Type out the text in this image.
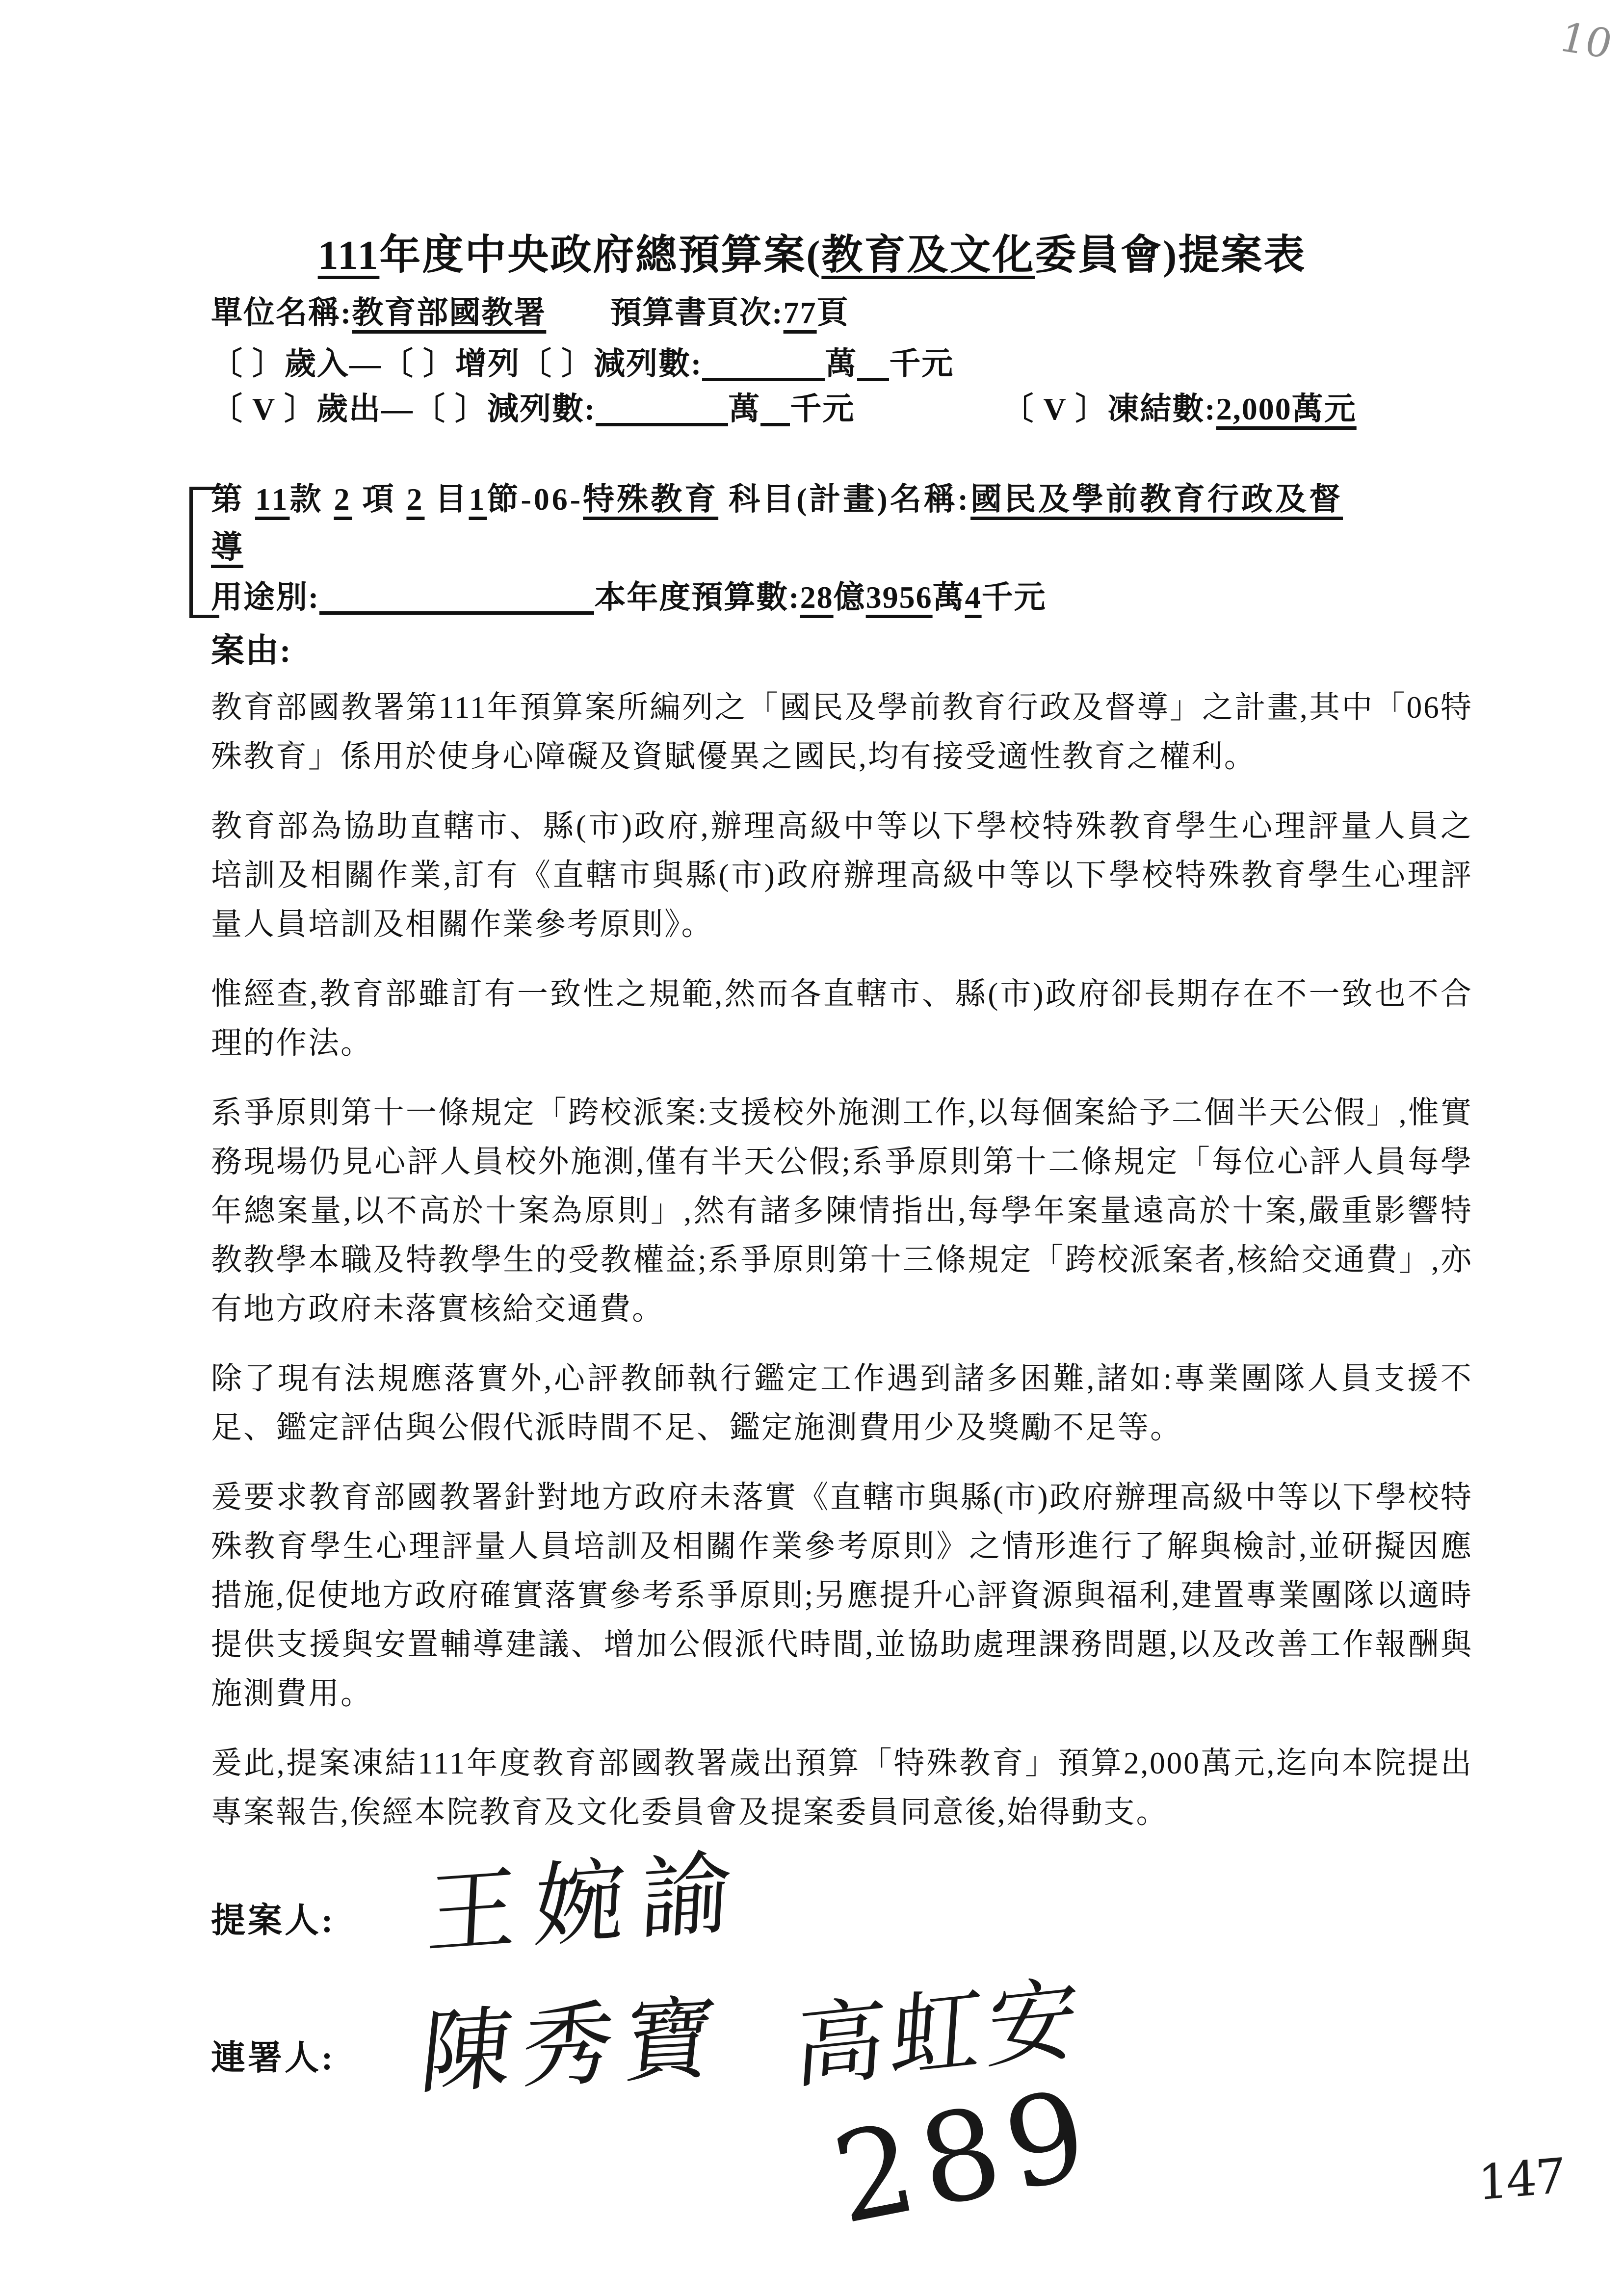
10
111年度中央政府總預算案(教育及文化委員會)提案表
單位名稱:教育部國教署 預算書頁次:77頁
〔 〕歲入—〔 〕增列〔 〕減列數:	萬 千元
〔 V 〕歲出—〔 〕減列數:	萬 千元	〔 V 〕凍結數:2,000萬元
第 11款 2 項 2 目1節-06-特殊教育 科目(計畫)名稱:國民及學前教育行政及督
導
用途別:	本年度預算數:28億3956萬4千元
案由:

教育部國教署第111年預算案所編列之「國民及學前教育行政及督導」之計畫,其中「06特殊教育」係用於使身心障礙及資賦優異之國民,均有接受適性教育之權利。

教育部為協助直轄市、縣(市)政府,辦理高級中等以下學校特殊教育學生心理評量人員之培訓及相關作業,訂有《直轄市與縣(市)政府辦理高級中等以下學校特殊教育學生心理評量人員培訓及相關作業參考原則》。

惟經查,教育部雖訂有一致性之規範,然而各直轄市、縣(市)政府卻長期存在不一致也不合理的作法。

系爭原則第十一條規定「跨校派案:支援校外施測工作,以每個案給予二個半天公假」,惟實務現場仍見心評人員校外施測,僅有半天公假;系爭原則第十二條規定「每位心評人員每學年總案量,以不高於十案為原則」,然有諸多陳情指出,每學年案量遠高於十案,嚴重影響特教教學本職及特教學生的受教權益;系爭原則第十三條規定「跨校派案者,核給交通費」,亦有地方政府未落實核給交通費。

除了現有法規應落實外,心評教師執行鑑定工作遇到諸多困難,諸如:專業團隊人員支援不足、鑑定評估與公假代派時間不足、鑑定施測費用少及獎勵不足等。

爰要求教育部國教署針對地方政府未落實《直轄市與縣(市)政府辦理高級中等以下學校特殊教育學生心理評量人員培訓及相關作業參考原則》之情形進行了解與檢討,並研擬因應措施,促使地方政府確實落實參考系爭原則;另應提升心評資源與福利,建置專業團隊以適時提供支援與安置輔導建議、增加公假派代時間,並協助處理課務問題,以及改善工作報酬與施測費用。

爰此,提案凍結111年度教育部國教署歲出預算「特殊教育」預算2,000萬元,迄向本院提出專案報告,俟經本院教育及文化委員會及提案委員同意後,始得動支。

提案人: 王婉諭
連署人: 陳秀寶 高虹安
289	147
